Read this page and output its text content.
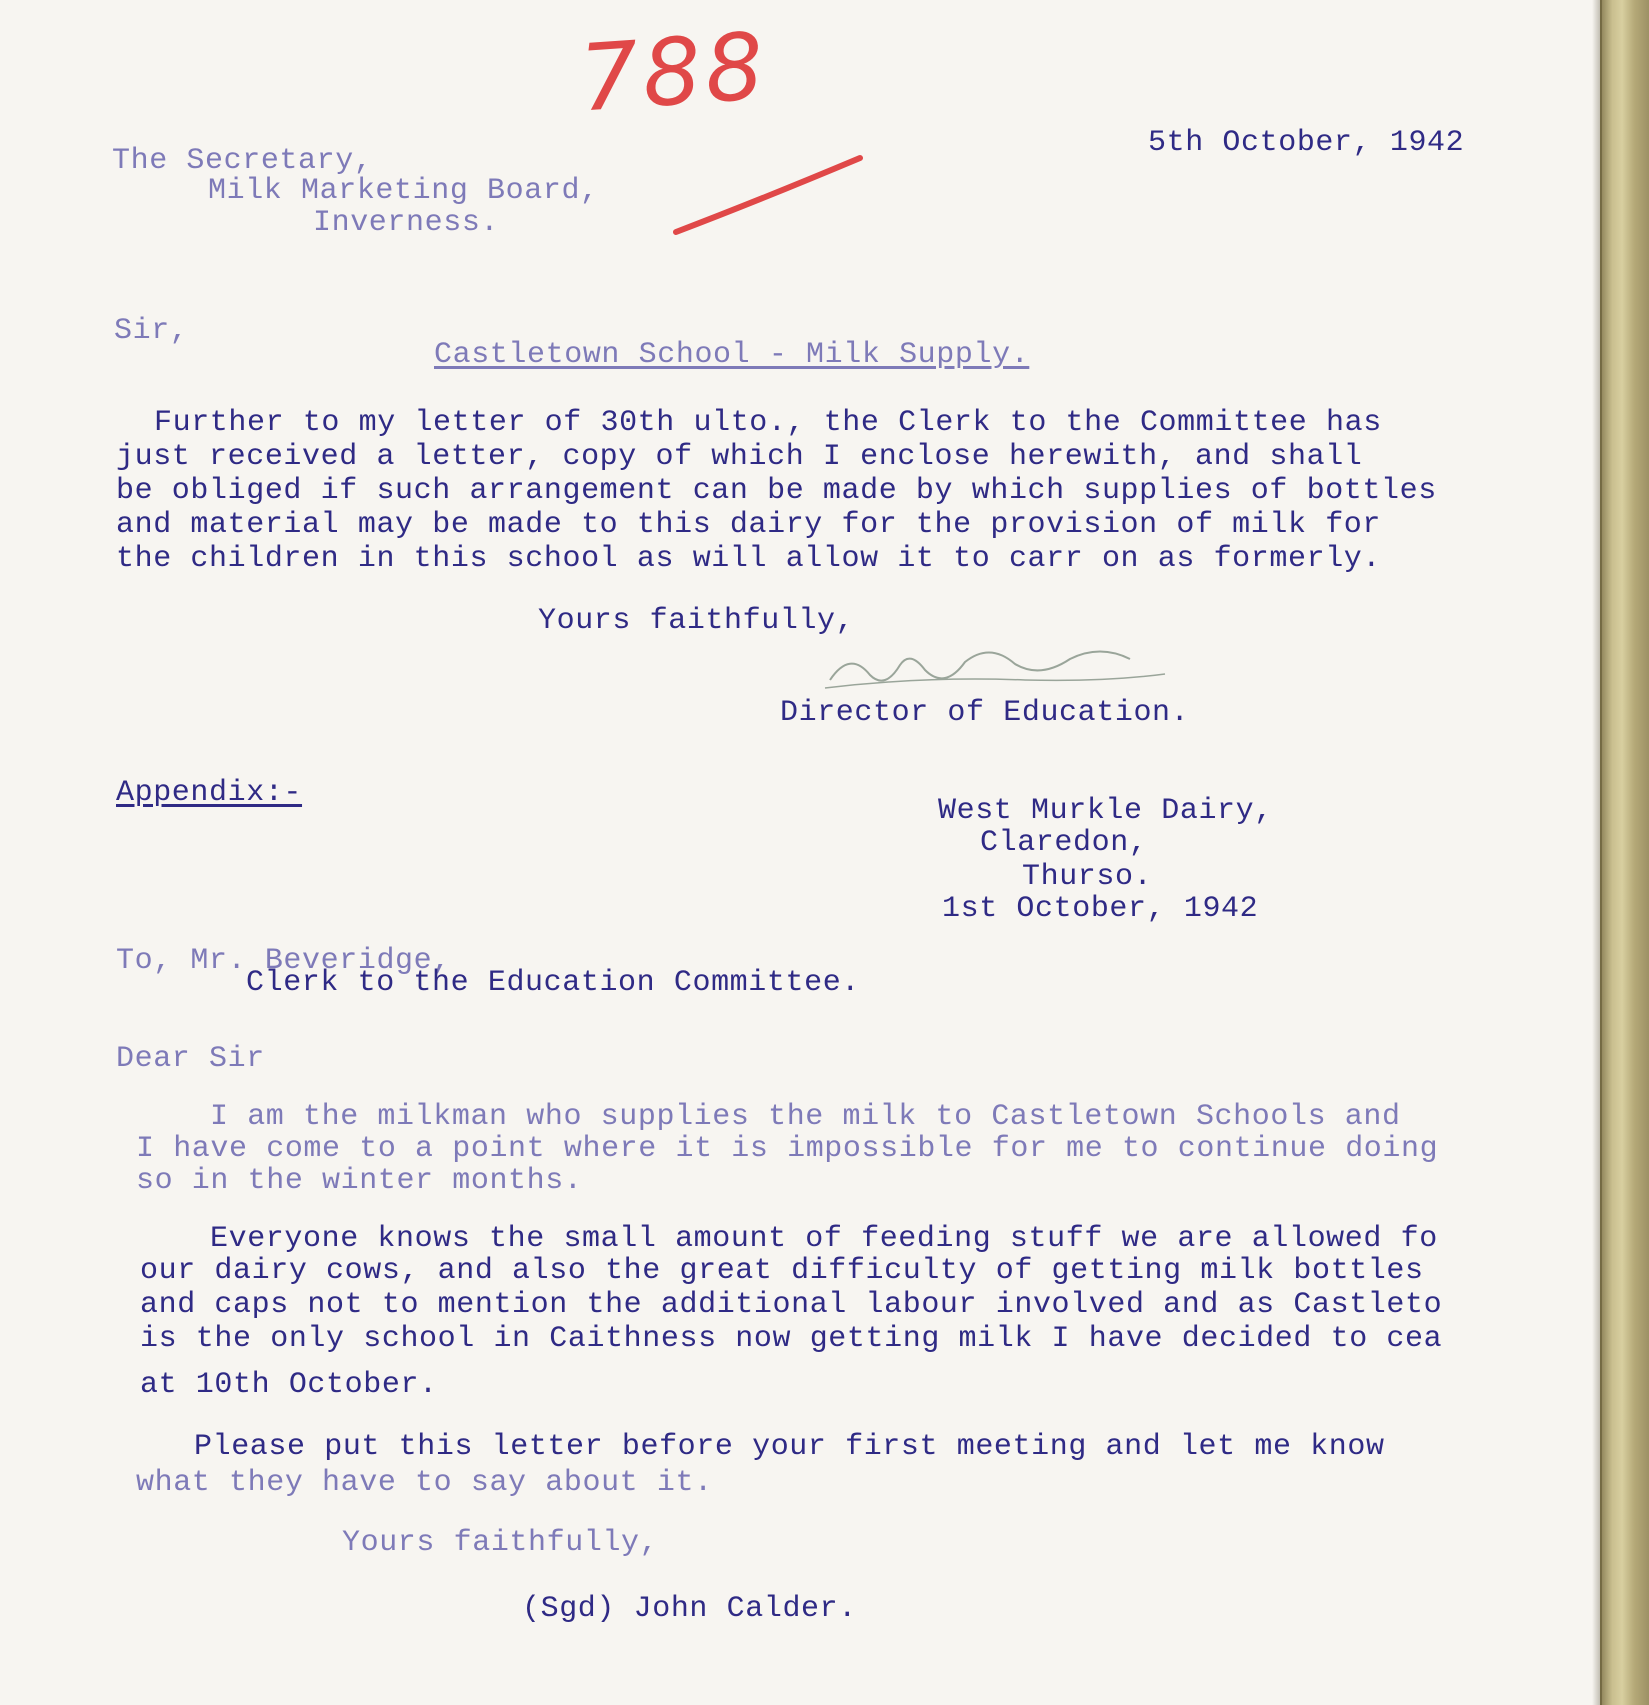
788
5th October, 1942
The Secretary,
Milk Marketing Board,
Inverness.
Sir,
Castletown School - Milk Supply.
Further to my letter of 30th ulto., the Clerk to the Committee has
just received a letter, copy of which I enclose herewith, and shall
be obliged if such arrangement can be made by which supplies of bottles
and material may be made to this dairy for the provision of milk for
the children in this school as will allow it to carr on as formerly.
Yours faithfully,
Director of Education.
Appendix:-
West Murkle Dairy,
Claredon,
Thurso.
1st October, 1942
To, Mr. Beveridge,
Clerk to the Education Committee.
Dear Sir
I am the milkman who supplies the milk to Castletown Schools and
I have come to a point where it is impossible for me to continue doing
so in the winter months.
Everyone knows the small amount of feeding stuff we are allowed fo
our dairy cows, and also the great difficulty of getting milk bottles
and caps not to mention the additional labour involved and as Castleto
is the only school in Caithness now getting milk I have decided to cea
at 10th October.
Please put this letter before your first meeting and let me know
what they have to say about it.
Yours faithfully,
(Sgd) John Calder.
